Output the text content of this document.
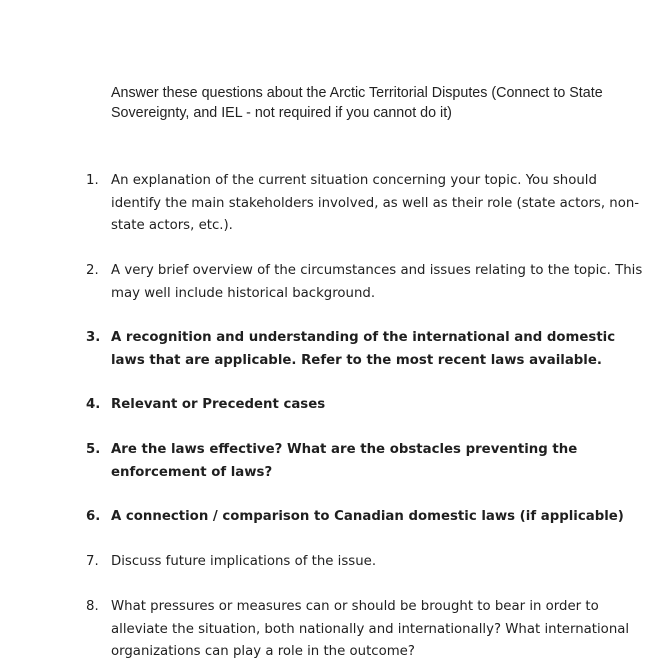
Answer these questions about the Arctic Territorial Disputes (Connect to State Sovereignty, and IEL - not required if you cannot do it)
1. An explanation of the current situation concerning your topic. You should identify the main stakeholders involved, as well as their role (state actors, non-state actors, etc.).
2. A very brief overview of the circumstances and issues relating to the topic. This may well include historical background.
3. A recognition and understanding of the international and domestic laws that are applicable. Refer to the most recent laws available.
4. Relevant or Precedent cases
5. Are the laws effective? What are the obstacles preventing the enforcement of laws?
6. A connection / comparison to Canadian domestic laws (if applicable)
7. Discuss future implications of the issue.
8. What pressures or measures can or should be brought to bear in order to alleviate the situation, both nationally and internationally? What international organizations can play a role in the outcome?
